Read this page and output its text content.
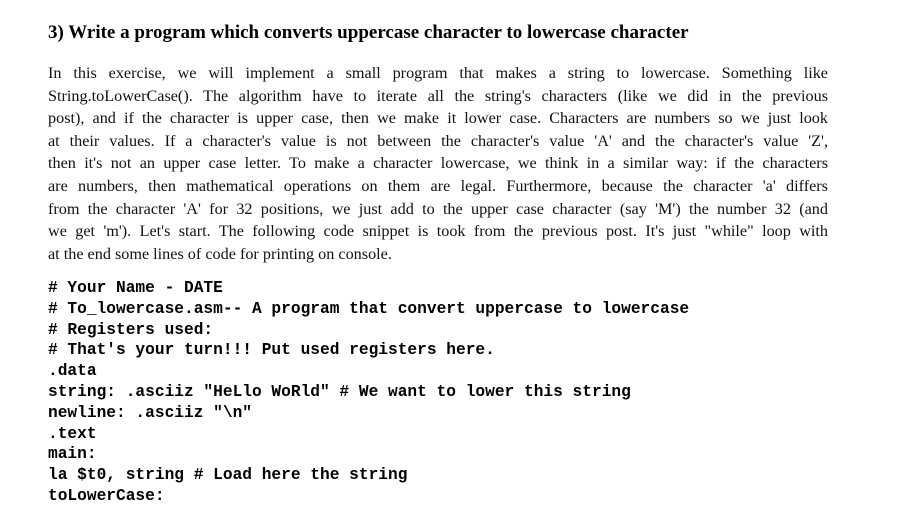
3) Write a program which converts uppercase character to lowercase character
In this exercise, we will implement a small program that makes a string to lowercase. Something like
String.toLowerCase(). The algorithm have to iterate all the string's characters (like we did in the previous
post), and if the character is upper case, then we make it lower case. Characters are numbers so we just look
at their values. If a character's value is not between the character's value 'A' and the character's value 'Z',
then it's not an upper case letter. To make a character lowercase, we think in a similar way: if the characters
are numbers, then mathematical operations on them are legal. Furthermore, because the character 'a' differs
from the character 'A' for 32 positions, we just add to the upper case character (say 'M') the number 32 (and
we get 'm'). Let's start. The following code snippet is took from the previous post. It's just "while" loop with
at the end some lines of code for printing on console.
# Your Name - DATE
# To_lowercase.asm-- A program that convert uppercase to lowercase
# Registers used:
# That's your turn!!! Put used registers here.
.data
string: .asciiz "HeLlo WoRld" # We want to lower this string
newline: .asciiz "\n"
.text
main:
la $t0, string # Load here the string
toLowerCase:
